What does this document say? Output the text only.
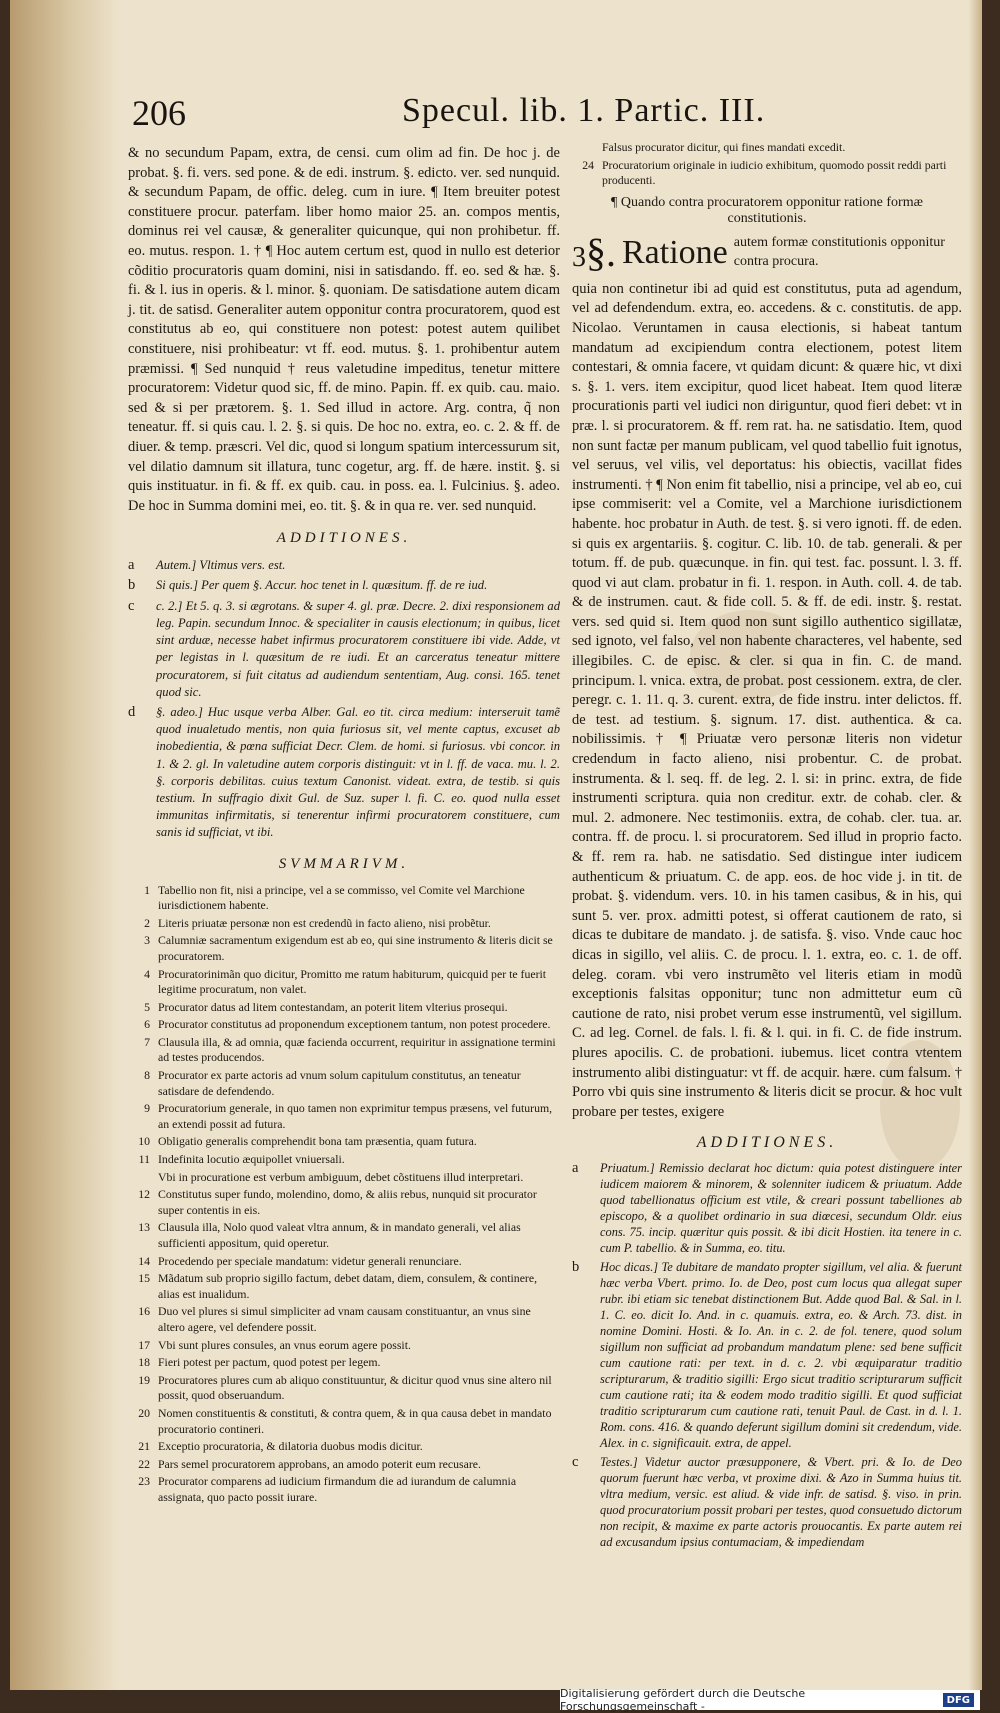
206	Specul. lib. 1. Partic. III.

& no secundum Papam, extra, de censi. cum olim ad fin. De hoc j. de probat. §. fi. vers. sed pone. & de edi. instrum. §. edicto. ver. sed nunquid. & secundum Papam, de offic. deleg. cum in iure. ¶ Item breuiter potest constituere procur. paterfam. liber homo maior 25. an. compos mentis, dominus rei vel causæ, & generaliter quicunque, qui non prohibetur. ff. eo. mutus. respon. 1. † ¶ Hoc autem certum est, quod in nullo est deterior cõditio procuratoris quam domini, nisi in satisdando. ff. eo. sed & hæ. §. fi. & l. ius in operis. & l. minor. §. quoniam. De satisdatione autem dicam j. tit. de satisd. Generaliter autem opponitur contra procuratorem, quod est constitutus ab eo, qui constituere non potest: potest autem quilibet constituere, nisi prohibeatur: vt ff. eod. mutus. §. 1. prohibentur autem præmissi. ¶ Sed nunquid † reus valetudine impeditus, tenetur mittere procuratorem: Videtur quod sic, ff. de mino. Papin. ff. ex quib. cau. maio. sed & si per prætorem. §. 1. Sed illud in actore. Arg. contra, q̃ non teneatur. ff. si quis cau. l. 2. §. si quis. De hoc no. extra, eo. c. 2. & ff. de diuer. & temp. præscri. Vel dic, quod si longum spatium intercessurum sit, vel dilatio damnum sit illatura, tunc cogetur, arg. ff. de hære. instit. §. si quis instituatur. in fi. & ff. ex quib. cau. in poss. ea. l. Fulcinius. §. adeo. De hoc in Summa domini mei, eo. tit. §. & in qua re. ver. sed nunquid.

ADDITIONES.
a	Autem.] Vltimus vers. est.

b	Si quis.] Per quem §. Accur. hoc tenet in l. quæsitum. ff. de re iud.

c	c. 2.] Et 5. q. 3. si ægrotans. & super 4. gl. præ. Decre. 2. dixi responsionem ad leg. Papin. secundum Innoc. & specialiter in causis electionum; in quibus, licet sint arduæ, necesse habet infirmus procuratorem constituere ibi vide. Adde, vt per legistas in l. quæsitum de re iudi. Et an carceratus teneatur mittere procuratorem, si fuit citatus ad audiendum sententiam, Aug. consi. 165. tenet quod sic.

d	§. adeo.] Huc usque verba Alber. Gal. eo tit. circa medium: interseruit tamẽ quod inualetudo mentis, non quia furiosus sit, vel mente captus, excuset ab inobedientia, & pœna sufficiat Decr. Clem. de homi. si furiosus. vbi concor. in 1. & 2. gl. In valetudine autem corporis distinguit: vt in l. ff. de vaca. mu. l. 2. §. corporis debilitas. cuius textum Canonist. videat. extra, de testib. si quis testium. In suffragio dixit Gul. de Suz. super l. fi. C. eo. quod nulla esset immunitas infirmitatis, si tenerentur infirmi procuratorem constituere, cum sanis id sufficiat, vt ibi.

SVMMARIVM.
1 Tabellio non fit, nisi a principe, vel a se commisso, vel Comite vel Marchione iurisdictionem habente.
2 Literis priuatæ personæ non est credendũ in facto alieno, nisi probẽtur.
3 Calumniæ sacramentum exigendum est ab eo, qui sine instrumento & literis dicit se procuratorem.
4 Procuratorinimãn quo dicitur, Promitto me ratum habiturum, quicquid per te fuerit legitime procuratum, non valet.
5 Procurator datus ad litem contestandam, an poterit litem vlterius prosequi.
6 Procurator constitutus ad proponendum exceptionem tantum, non potest procedere.
7 Clausula illa, & ad omnia, quæ facienda occurrent, requiritur in assignatione termini ad testes producendos.
8 Procurator ex parte actoris ad vnum solum capitulum constitutus, an teneatur satisdare de defendendo.
9 Procuratorium generale, in quo tamen non exprimitur tempus præsens, vel futurum, an extendi possit ad futura.
10 Obligatio generalis comprehendit bona tam præsentia, quam futura.
11 Indefinita locutio æquipollet vniuersali.
Vbi in procuratione est verbum ambiguum, debet cõstituens illud interpretari.
12 Constitutus super fundo, molendino, domo, & aliis rebus, nunquid sit procurator super contentis in eis.
13 Clausula illa, Nolo quod valeat vltra annum, & in mandato generali, vel alias sufficienti appositum, quid operetur.
14 Procedendo per speciale mandatum: videtur generali renunciare.
15 Mãdatum sub proprio sigillo factum, debet datam, diem, consulem, & continere, alias est inualidum.
16 Duo vel plures si simul simpliciter ad vnam causam constituantur, an vnus sine altero agere, vel defendere possit.
17 Vbi sunt plures consules, an vnus eorum agere possit.
18 Fieri potest per pactum, quod potest per legem.
19 Procuratores plures cum ab aliquo constituuntur, & dicitur quod vnus sine altero nil possit, quod obseruandum.
20 Nomen constituentis & constituti, & contra quem, & in qua causa debet in mandato procuratorio contineri.
21 Exceptio procuratoria, & dilatoria duobus modis dicitur.
22 Pars semel procuratorem approbans, an amodo poterit eum recusare.
23 Procurator comparens ad iudicium firmandum die ad iurandum de calumnia assignata, quo pacto possit iurare.
Falsus procurator dicitur, qui fines mandati excedit.
24 Procuratorium originale in iudicio exhibitum, quomodo possit reddi parti producenti.
¶ Quando contra procuratorem opponitur ratione formæ constitutionis.
3§. Ratione autem formæ constitutionis opponitur contra procura.

quia non continetur ibi ad quid est constitutus, puta ad agendum, vel ad defendendum. extra, eo. accedens. & c. constitutis. de app. Nicolao. Veruntamen in causa electionis, si habeat tantum mandatum ad excipiendum contra electionem, potest litem contestari, & omnia facere, vt quidam dicunt: & quære hic, vt dixi s. §. 1. vers. item excipitur, quod licet habeat. Item quod literæ procurationis parti vel iudici non diriguntur, quod fieri debet: vt in præ. l. si procuratorem. & ff. rem rat. ha. ne satisdatio. Item, quod non sunt factæ per manum publicam, vel quod tabellio fuit ignotus, vel seruus, vel vilis, vel deportatus: his obiectis, vacillat fides instrumenti. † ¶ Non enim fit tabellio, nisi a principe, vel ab eo, cui ipse commiserit: vel a Comite, vel a Marchione iurisdictionem habente. hoc probatur in Auth. de test. §. si vero ignoti. ff. de eden. si quis ex argentariis. §. cogitur. C. lib. 10. de tab. generali. & per totum. ff. de pub. quæcunque. in fin. qui test. fac. possunt. l. 3. ff. quod vi aut clam. probatur in fi. 1. respon. in Auth. coll. 4. de tab. & de instrumen. caut. & fide coll. 5. & ff. de edi. instr. §. restat. vers. sed quid si. Item quod non sunt sigillo authentico sigillatæ, sed ignoto, vel falso, vel non habente characteres, vel habente, sed illegibiles. C. de episc. & cler. si qua in fin. C. de mand. principum. l. vnica. extra, de probat. post cessionem. extra, de cler. peregr. c. 1. 11. q. 3. curent. extra, de fide instru. inter delictos. ff. de test. ad testium. §. signum. 17. dist. authentica. & ca. nobilissimis. † ¶ Priuatæ vero personæ literis non videtur credendum in facto alieno, nisi probentur. C. de probat. instrumenta. & l. seq. ff. de leg. 2. l. si: in princ. extra, de fide instrumenti scriptura. quia non creditur. extr. de cohab. cler. & mul. 2. admonere. Nec testimoniis. extra, de cohab. cler. tua. ar. contra. ff. de procu. l. si procuratorem. Sed illud in proprio facto. & ff. rem ra. hab. ne satisdatio. Sed distingue inter iudicem authenticum & priuatum. C. de app. eos. de hoc vide j. in tit. de probat. §. videndum. vers. 10. in his tamen casibus, & in his, qui sunt 5. ver. prox. admitti potest, si offerat cautionem de rato, si dicas te dubitare de mandato. j. de satisfa. §. viso. Vnde cauc hoc dicas in sigillo, vel aliis. C. de procu. l. 1. extra, eo. c. 1. de off. deleg. coram. vbi vero instrumẽto vel literis etiam in modũ exceptionis falsitas opponitur; tunc non admittetur eum cũ cautione de rato, nisi probet verum esse instrumentũ, vel sigillum. C. ad leg. Cornel. de fals. l. fi. & l. qui. in fi. C. de fide instrum. plures apocilis. C. de probationi. iubemus. licet contra vtentem instrumento alibi distinguatur: vt ff. de acquir. hære. cum falsum. † Porro vbi quis sine instrumento & literis dicit se procur. & hoc vult probare per testes, exigere

ADDITIONES.
a	Priuatum.] Remissio declarat hoc dictum: quia potest distinguere inter iudicem maiorem & minorem, & solenniter iudicem & priuatum. Adde quod tabellionatus officium est vtile, & creari possunt tabelliones ab episcopo, & a quolibet ordinario in sua diœcesi, secundum Oldr. eius cons. 75. incip. quæritur quis possit. & ibi dicit Hostien. ita tenere in c. cum P. tabellio. & in Summa, eo. titu.

b	Hoc dicas.] Te dubitare de mandato propter sigillum, vel alia. & fuerunt hæc verba Vbert. primo. Io. de Deo, post cum locus qua allegat super rubr. ibi etiam sic tenebat distinctionem But. Adde quod Bal. & Sal. in l. 1. C. eo. dicit Io. And. in c. quamuis. extra, eo. & Arch. 73. dist. in nomine Domini. Hosti. & Io. An. in c. 2. de fol. tenere, quod solum sigillum non sufficiat ad probandum mandatum plene: sed bene sufficit cum cautione rati: per text. in d. c. 2. vbi æquiparatur traditio scripturarum, & traditio sigilli: Ergo sicut traditio scripturarum sufficit cum cautione rati; ita & eodem modo traditio sigilli. Et quod sufficiat traditio scripturarum cum cautione rati, tenuit Paul. de Cast. in d. l. 1. Rom. cons. 416. & quando deferunt sigillum domini sit credendum, vide. Alex. in c. significauit. extra, de appel.

c	Testes.] Videtur auctor præsupponere, & Vbert. pri. & Io. de Deo quorum fuerunt hæc verba, vt proxime dixi. & Azo in Summa huius tit. vltra medium, versic. est aliud. & vide infr. de satisd. §. viso. in prin. quod procuratorium possit probari per testes, quod consuetudo dictorum non recipit, & maxime ex parte actoris prouocantis. Ex parte autem rei ad excusandum ipsius contumaciam, & impediendam

Digitalisierung gefördert durch die Deutsche Forschungsgemeinschaft -	DFG
